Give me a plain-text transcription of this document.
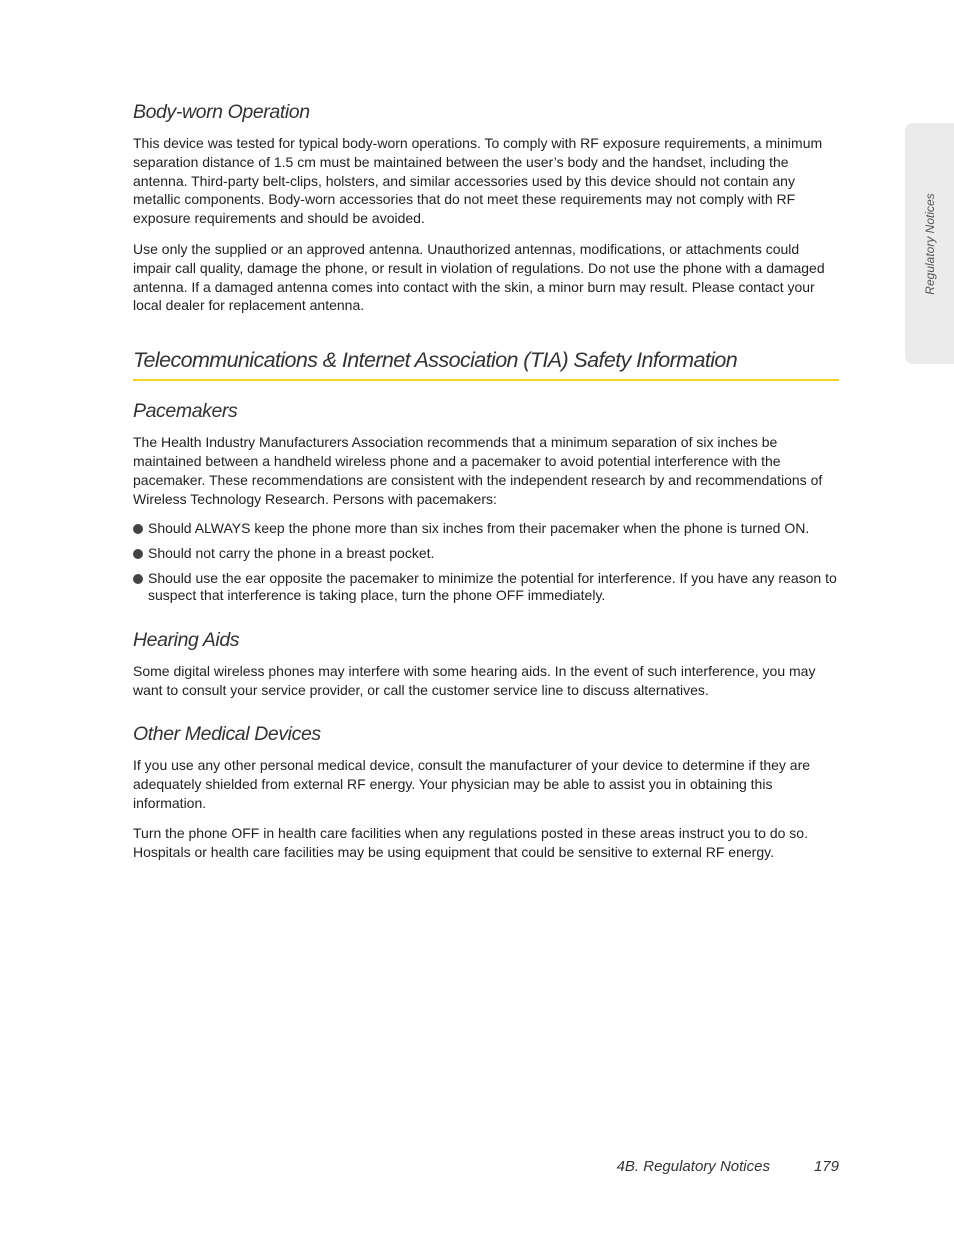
Regulatory Notices
Body-worn Operation

This device was tested for typical body-worn operations. To comply with RF exposure requirements, a minimum separation distance of 1.5 cm must be maintained between the user’s body and the handset, including the antenna. Third-party belt-clips, holsters, and similar accessories used by this device should not contain any metallic components. Body-worn accessories that do not meet these requirements may not comply with RF exposure requirements and should be avoided.

Use only the supplied or an approved antenna. Unauthorized antennas, modifications, or attachments could impair call quality, damage the phone, or result in violation of regulations. Do not use the phone with a damaged antenna. If a damaged antenna comes into contact with the skin, a minor burn may result. Please contact your local dealer for replacement antenna.

Telecommunications & Internet Association (TIA) Safety Information
Pacemakers

The Health Industry Manufacturers Association recommends that a minimum separation of six inches be maintained between a handheld wireless phone and a pacemaker to avoid potential interference with the pacemaker. These recommendations are consistent with the independent research by and recommendations of Wireless Technology Research. Persons with pacemakers:

Should ALWAYS keep the phone more than six inches from their pacemaker when the phone is turned ON.
Should not carry the phone in a breast pocket.
Should use the ear opposite the pacemaker to minimize the potential for interference. If you have any reason to suspect that interference is taking place, turn the phone OFF immediately.
Hearing Aids

Some digital wireless phones may interfere with some hearing aids. In the event of such interference, you may want to consult your service provider, or call the customer service line to discuss alternatives.

Other Medical Devices

If you use any other personal medical device, consult the manufacturer of your device to determine if they are adequately shielded from external RF energy. Your physician may be able to assist you in obtaining this information.

Turn the phone OFF in health care facilities when any regulations posted in these areas instruct you to do so. Hospitals or health care facilities may be using equipment that could be sensitive to external RF energy.

4B. Regulatory Notices	179
